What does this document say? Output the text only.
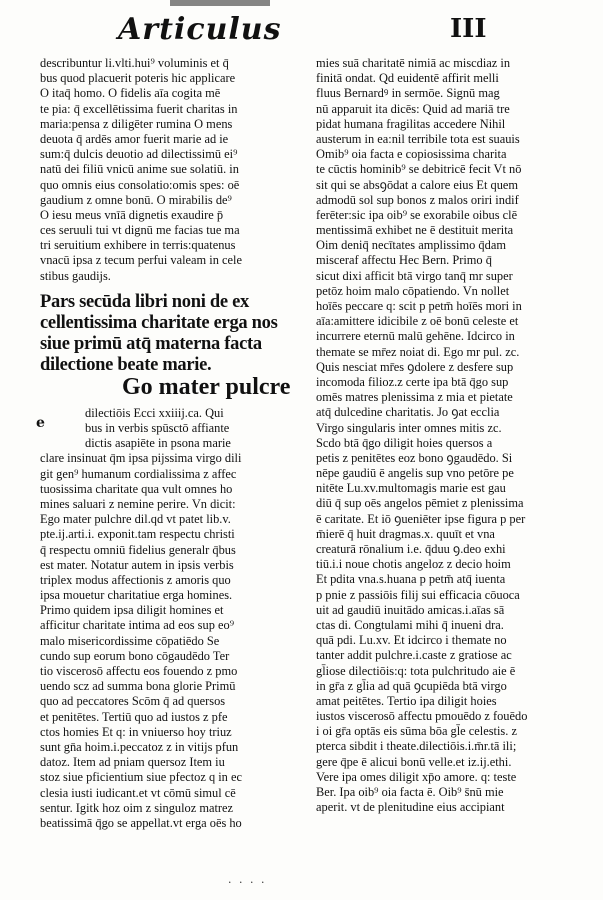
Articulus	III
describuntur li.vlti.hui⁹ voluminis et q̄
bus quod placuerit poteris hic applicare
O itaq̄ homo. O fidelis aīa cogita mē
te pia: q̄ excellētissima fuerit charitas in
maria:pensa z diligēter rumina O mens
deuota q̄ ardēs amor fuerit marie ad ie
sum:q̄ dulcis deuotio ad dilectissimū ei⁹
natū dei filiū vnicū anime sue solatiū. in
quo omnis eius consolatio:omis spes: oē
gaudium z omne bonū. O mirabilis de⁹
O iesu meus vnīā dignetis exaudire p̄
ces seruuli tui vt dignū me facias tue ma
tri seruitium exhibere in terris:quatenus
vnacū ipsa z tecum perfui valeam in cele
stibus gaudijs.
Pars secūda libri noni de ex
cellentissima charitate erga nos
siue primū atq̄ materna facta
dilectione beate marie.
Go mater pulcre
dilectiōis Ecci xxiiij.ca. Qui
bus in verbis spūsctō affiante
dictis asapiēte in psona marie
clare insinuat q̄m ipsa pijssima virgo dili
git gen⁹ humanum cordialissima z affec
tuosissima charitate qua vult omnes ho
mines saluari z nemine perire. Vn dicit:
Ego mater pulchre dil.qd vt patet lib.v.
pte.ij.arti.i. exponit.tam respectu christi
q̄ respectu omniū fidelius generalr q̄bus
est mater. Notatur autem in ipsis verbis
triplex modus affectionis z amoris quo
ipsa mouetur charitatiue erga homines.
Primo quidem ipsa diligit homines et
afficitur charitate intima ad eos sup eo⁹
malo misericordissime cōpatiēdo Se
cundo sup eorum bono cōgaudēdo Ter
tio viscerosō affectu eos fouendo z pmo
uendo scz ad summa bona glorie Primū
quo ad peccatores Scōm q̄ ad quersos
et penitētes. Tertiū quo ad iustos z pfe
ctos homies Et q: in vniuerso hoy triuz
sunt gn̄a hoim.i.peccatoz z in vitijs pfun
datoz. Item ad pniam quersoz Item iu
stoz siue pficientium siue pfectoz q in ec
clesia iusti iudicant.et vt cōmū simul cē
sentur. Igitk hoz oim z singuloz matrez
beatissimā q̄go se appellat.vt erga oēs ho
e
mies suā charitatē nimiā ac miscdiaz in
finitā ondat. Qd euidentē affirit melli
fluus Bernardꝰ in sermōe. Signū mag
nū apparuit ita dicēs: Quid ad mariā tre
pidat humana fragilitas accedere Nihil
austerum in ea:nil terribile tota est suauis
Omib⁹ oia facta e copiosissima charita
te cūctis hominib⁹ se debitricē fecit Vt nō
sit qui se absꝯōdat a calore eius Et quem
admodū sol sup bonos z malos oriri indif
ferēter:sic ipa oib⁹ se exorabile oibus clē
mentissimā exhibet ne ē destituit merita
Oim deniq̄ necītates amplissimo q̄dam
misceraf affectu Hec Bern. Primo q̄
sicut dixi afficit btā virgo tanq̄ mr super
petōz hoim malo cōpatiendo. Vn nollet
hoīēs peccare q: scit p petm̄ hoīēs mori in
aīa:amittere idicibile z oē bonū celeste et
incurrere eternū malū gehēne. Idcirco in
themate se mr̄ez noiat di. Ego mr pul. zc.
Quis nesciat mr̄es ꝯdolere z desfere sup
incomoda filioz.z certe ipa btā q̄go sup
omēs matres plenissima z mia et pietate
atq̄ dulcedine charitatis. Jo ꝯat ecclia
Virgo singularis inter omnes mitis zc.
Scdo btā q̄go diligit hoies quersos a
petis z penitētes eoz bono ꝯgaudēdo. Si
nēpe gaudiū ē angelis sup vno petōre pe
nitēte Lu.xv.multomagis marie est gau
diū q̄ sup oēs angelos pēmiet z plenissima
ē caritate. Et iō ꝯueniēter ipse figura p per
m̄ierē q̄ huit dragmas.x. quuīt et vna
creaturā rōnalium i.e. q̄duu ꝯ.deo exhi
tiū.i.i noue chotis angeloz z decio hoim
Et pdita vna.s.huana p petm̄ atq̄ iuenta
p pnie z passiōis filij sui efficacia cōuoca
uit ad gaudiū inuitādo amicas.i.aīas sā
ctas di. Congtulami mihi q̄ inueni dra.
quā pdi. Lu.xv. Et idcirco i themate no
tanter addit pulchre.i.caste z gratiose ac
gl̄iose dilectiōis:q: tota pulchritudo aie ē
in gr̄a z gl̄ia ad quā ꝯcupiēda btā virgo
amat peitētes. Tertio ipa diligit hoies
iustos viscerosō affectu pmouēdo z fouēdo
i oi gr̄a optās eis sūma bōa gl̄e celestis. z
pterca sibdit i theate.dilectiōis.i.m̄r.tā ili;
gere q̄pe ē alicui bonū velle.et iz.ij.ethi.
Vere ipa omes diligit xp̄o amore. q: teste
Ber. Ipa oib⁹ oia facta ē. Oib⁹ s̄nū mie
aperit. vt de plenitudine eius accipiant
· · · ·
